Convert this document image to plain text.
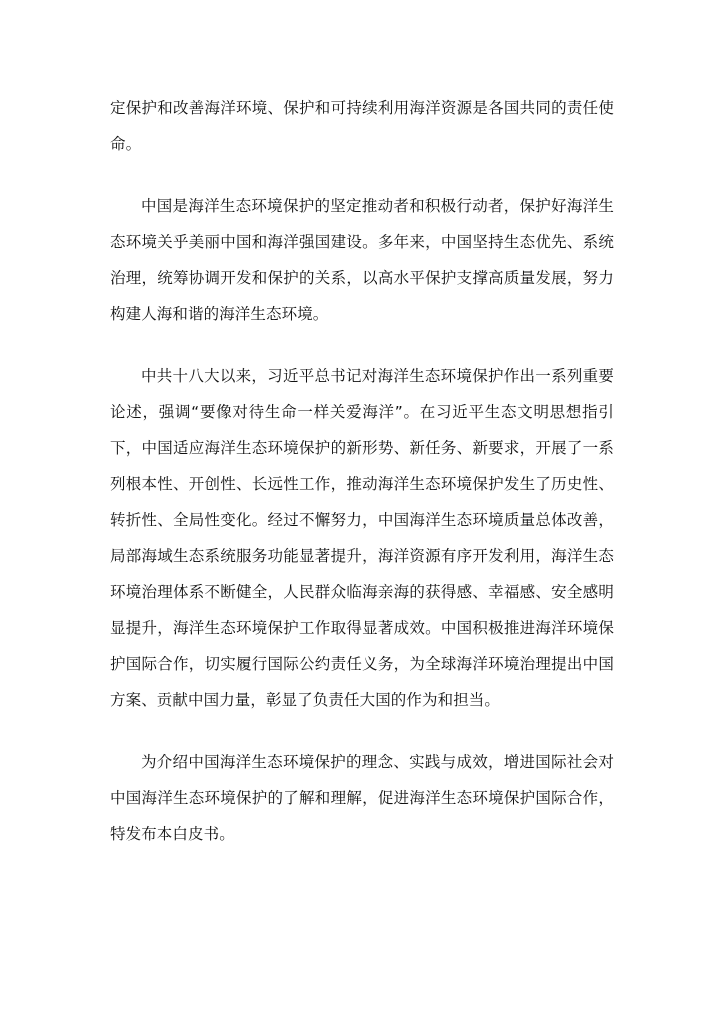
定保护和改善海洋环境、保护和可持续利用海洋资源是各国共同的责任使命。

中国是海洋生态环境保护的坚定推动者和积极行动者，保护好海洋生态环境关乎美丽中国和海洋强国建设。多年来，中国坚持生态优先、系统治理，统筹协调开发和保护的关系，以高水平保护支撑高质量发展，努力构建人海和谐的海洋生态环境。

中共十八大以来，习近平总书记对海洋生态环境保护作出一系列重要论述，强调“要像对待生命一样关爱海洋”。在习近平生态文明思想指引下，中国适应海洋生态环境保护的新形势、新任务、新要求，开展了一系列根本性、开创性、长远性工作，推动海洋生态环境保护发生了历史性、转折性、全局性变化。经过不懈努力，中国海洋生态环境质量总体改善，局部海域生态系统服务功能显著提升，海洋资源有序开发利用，海洋生态环境治理体系不断健全，人民群众临海亲海的获得感、幸福感、安全感明显提升，海洋生态环境保护工作取得显著成效。中国积极推进海洋环境保护国际合作，切实履行国际公约责任义务，为全球海洋环境治理提出中国方案、贡献中国力量，彰显了负责任大国的作为和担当。

为介绍中国海洋生态环境保护的理念、实践与成效，增进国际社会对中国海洋生态环境保护的了解和理解，促进海洋生态环境保护国际合作，特发布本白皮书。
